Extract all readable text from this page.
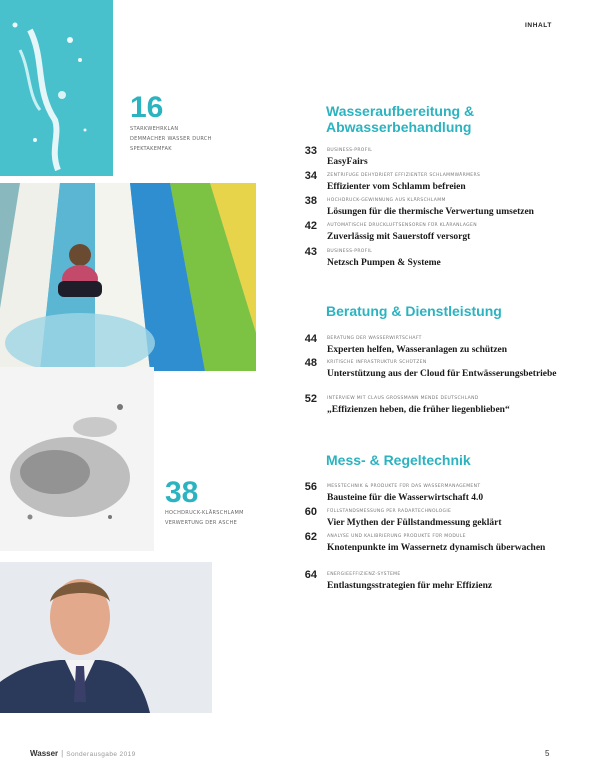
INHALT
16
STARKWEHRKLAN
DEMMACHER WASSER DURCH
SPEKTAKEMFAK
38
HOCHDRUCK-KLÄRSCHLAMM
VERWERTUNG DER ASCHE
Wasseraufbereitung & Abwasserbehandlung
33 BUSINESS-PROFIL
EasyFairs
34 ZENTRIFUGE DEHYDRIERT EFFIZIENTER SCHLAMMWÄRMERS
Effizienter vom Schlamm befreien
38 HOCHDRUCK-GEWINNUNG AUS KLÄRSCHLAMM
Lösungen für die thermische Verwertung umsetzen
42 AUTOMATISCHE DRUCKLUFTSENSOREN FÜR KLÄRANLAGEN
Zuverlässig mit Sauerstoff versorgt
43 BUSINESS-PROFIL
Netzsch Pumpen & Systeme
Beratung & Dienstleistung
44 BERATUNG DER WASSERWIRTSCHAFT
Experten helfen, Wasseranlagen zu schützen
48 KRITISCHE INFRASTRUKTUR SCHÜTZEN
Unterstützung aus der Cloud für Entwässerungsbetriebe
52 INTERVIEW MIT CLAUS GROSSMANN MENDE DEUTSCHLAND
„Effizienzen heben, die früher liegenblieben“
Mess- & Regeltechnik
56 MESSTECHNIK & PRODUKTE FÜR DAS WASSERMANAGEMENT
Bausteine für die Wasserwirtschaft 4.0
60 FÜLLSTANDSMESSUNG PER RADARTECHNOLOGIE
Vier Mythen der Füllstandmessung geklärt
62 ANALYSE UND KALIBRIERUNG PRODUKTE FÜR MODULE
Knotenpunkte im Wassernetz dynamisch überwachen
64 ENERGIEEFFIZIENZ-SYSTEME
Entlastungsstrategien für mehr Effizienz
Wasser | Sonderausgabe 2019	5
